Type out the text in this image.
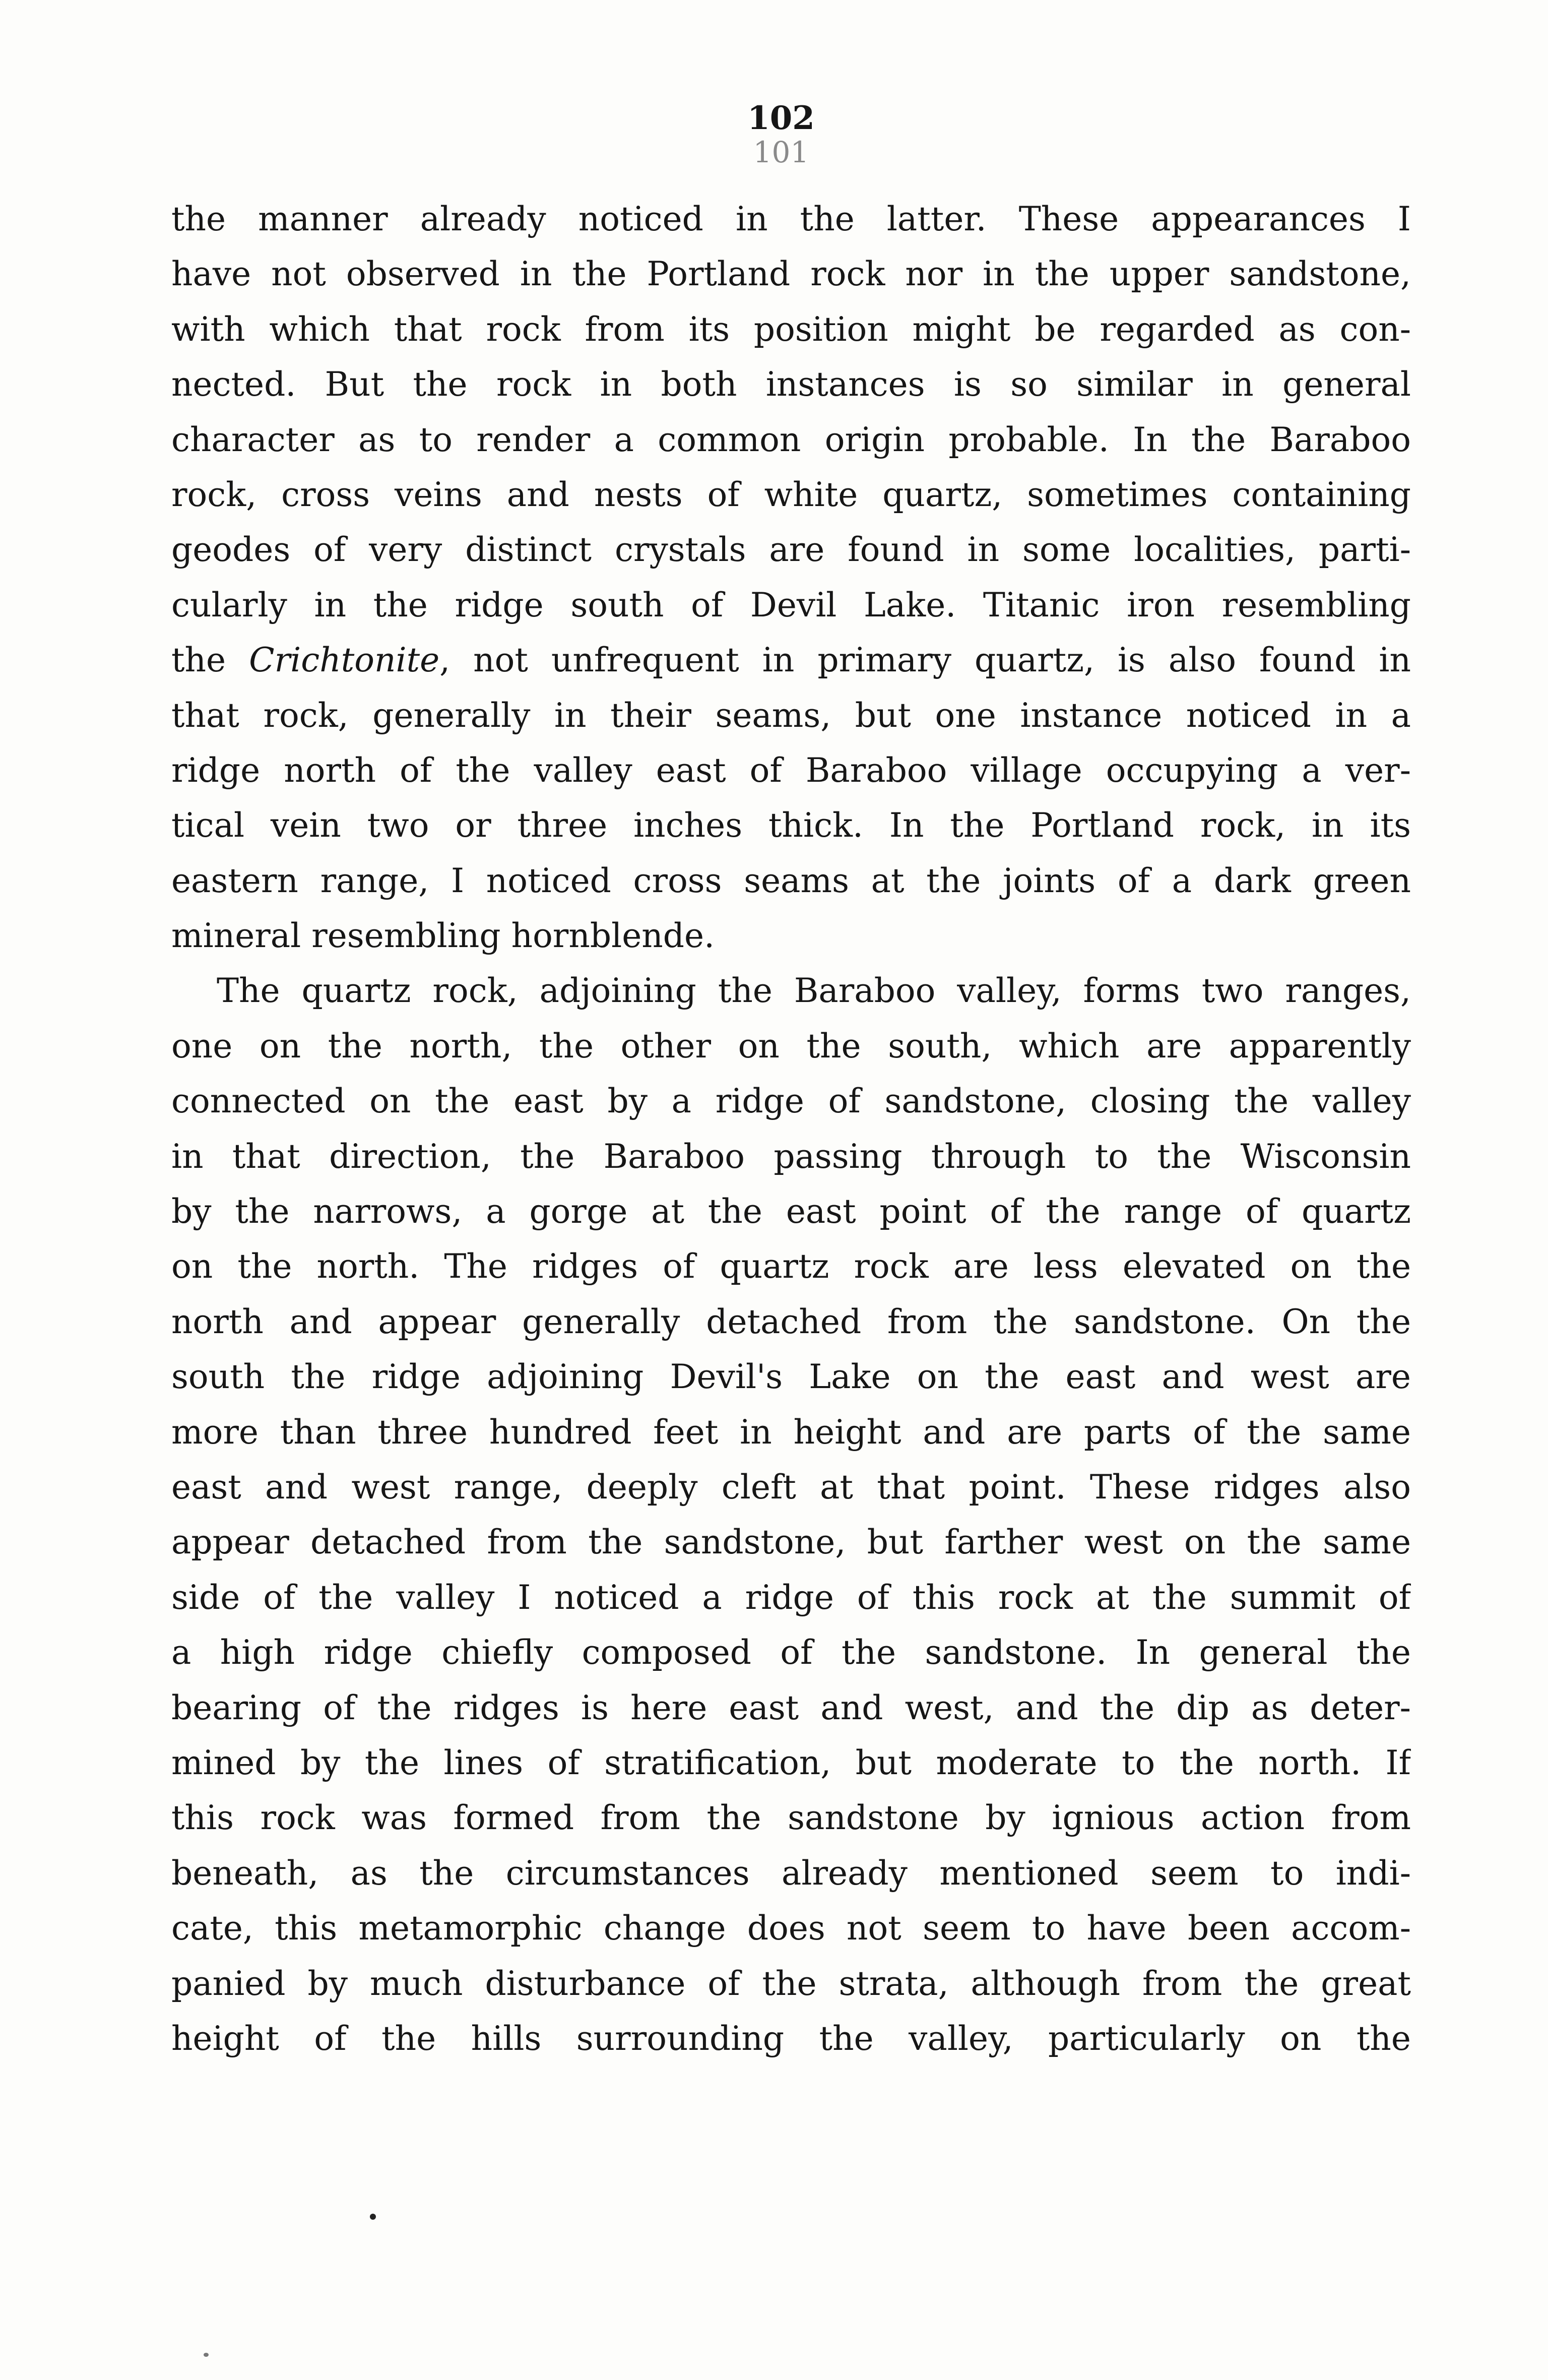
102
101
the manner already noticed in the latter. These appearances I
have not observed in the Portland rock nor in the upper sandstone,
with which that rock from its position might be regarded as con-
nected. But the rock in both instances is so similar in general
character as to render a common origin probable. In the Baraboo
rock, cross veins and nests of white quartz, sometimes containing
geodes of very distinct crystals are found in some localities, parti-
cularly in the ridge south of Devil Lake. Titanic iron resembling
the Crichtonite, not unfrequent in primary quartz, is also found in
that rock, generally in their seams, but one instance noticed in a
ridge north of the valley east of Baraboo village occupying a ver-
tical vein two or three inches thick. In the Portland rock, in its
eastern range, I noticed cross seams at the joints of a dark green
mineral resembling hornblende.
The quartz rock, adjoining the Baraboo valley, forms two ranges,
one on the north, the other on the south, which are apparently
connected on the east by a ridge of sandstone, closing the valley
in that direction, the Baraboo passing through to the Wisconsin
by the narrows, a gorge at the east point of the range of quartz
on the north. The ridges of quartz rock are less elevated on the
north and appear generally detached from the sandstone. On the
south the ridge adjoining Devil's Lake on the east and west are
more than three hundred feet in height and are parts of the same
east and west range, deeply cleft at that point. These ridges also
appear detached from the sandstone, but farther west on the same
side of the valley I noticed a ridge of this rock at the summit of
a high ridge chiefly composed of the sandstone. In general the
bearing of the ridges is here east and west, and the dip as deter-
mined by the lines of stratification, but moderate to the north. If
this rock was formed from the sandstone by ignious action from
beneath, as the circumstances already mentioned seem to indi-
cate, this metamorphic change does not seem to have been accom-
panied by much disturbance of the strata, although from the great
height of the hills surrounding the valley, particularly on the
